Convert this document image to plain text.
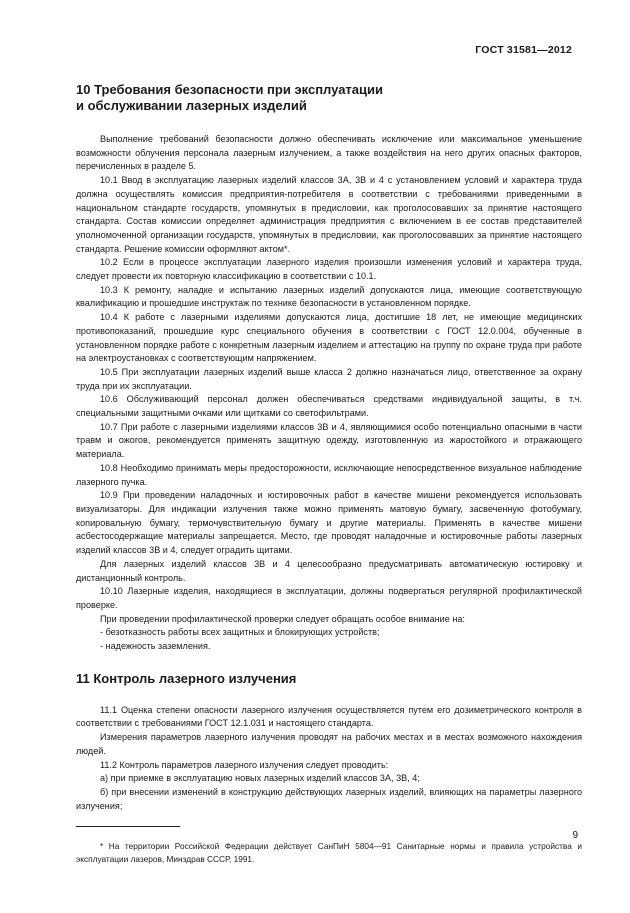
ГОСТ 31581—2012
10 Требования безопасности при эксплуатации
и обслуживании лазерных изделий

Выполнение требований безопасности должно обеспечивать исключение или максимальное уменьшение возможности облучения персонала лазерным излучением, а также воздействия на него других опасных факторов, перечисленных в разделе 5.

10.1 Ввод в эксплуатацию лазерных изделий классов 3А, 3В и 4 с установлением условий и характера труда должна осуществлять комиссия предприятия-потребителя в соответствии с требованиями приведенными в национальном стандарте государств, упомянутых в предисловии, как проголосовавших за принятие настоящего стандарта. Состав комиссии определяет администрация предприятия с включением в ее состав представителей уполномоченной организации государств, упомянутых в предисловии, как проголосовавших за принятие настоящего стандарта. Решение комиссии оформляют актом*.

10.2 Если в процессе эксплуатации лазерного изделия произошли изменения условий и характера труда, следует провести их повторную классификацию в соответствии с 10.1.

10.3 К ремонту, наладке и испытанию лазерных изделий допускаются лица, имеющие соответствующую квалификацию и прошедшие инструктаж по технике безопасности в установленном порядке.

10.4 К работе с лазерными изделиями допускаются лица, достигшие 18 лет, не имеющие медицинских противопоказаний, прошедшие курс специального обучения в соответствии с ГОСТ 12.0.004, обученные в установленном порядке работе с конкретным лазерным изделием и аттестацию на группу по охране труда при работе на электроустановках с соответствующим напряжением.

10.5 При эксплуатации лазерных изделий выше класса 2 должно назначаться лицо, ответственное за охрану труда при их эксплуатации.

10.6 Обслуживающий персонал должен обеспечиваться средствами индивидуальной защиты, в т.ч. специальными защитными очками или щитками со светофильтрами.

10.7 При работе с лазерными изделиями классов 3В и 4, являющимися особо потенциально опасными в части травм и ожогов, рекомендуется применять защитную одежду, изготовленную из жаростойкого и отражающего материала.

10.8 Необходимо принимать меры предосторожности, исключающие непосредственное визуальное наблюдение лазерного пучка.

10.9 При проведении наладочных и юстировочных работ в качестве мишени рекомендуется использовать визуализаторы. Для индикации излучения также можно применять матовую бумагу, засвеченную фотобумагу, копировальную бумагу, термочувствительную бумагу и другие материалы. Применять в качестве мишени асбестосодержащие материалы запрещается. Место, где проводят наладочные и юстировочные работы лазерных изделий классов 3В и 4, следует оградить щитами.

Для лазерных изделий классов 3В и 4 целесообразно предусматривать автоматическую юстировку и дистанционный контроль.

10.10 Лазерные изделия, находящиеся в эксплуатации, должны подвергаться регулярной профилактической проверке.

При проведении профилактической проверки следует обращать особое внимание на:

- безотказность работы всех защитных и блокирующих устройств;

- надежность заземления.

11 Контроль лазерного излучения

11.1 Оценка степени опасности лазерного излучения осуществляется путем его дозиметрического контроля в соответствии с требованиями ГОСТ 12.1.031 и настоящего стандарта.

Измерения параметров лазерного излучения проводят на рабочих местах и в местах возможного нахождения людей.

11.2 Контроль параметров лазерного излучения следует проводить:

а) при приемке в эксплуатацию новых лазерных изделий классов 3А, 3В, 4;

б) при внесении изменений в конструкцию действующих лазерных изделий, влияющих на параметры лазерного излучения;

* На территории Российской Федерации действует СанПиН 5804—91 Санитарные нормы и правила устройства и эксплуатации лазеров, Минздрав СССР, 1991.

9
